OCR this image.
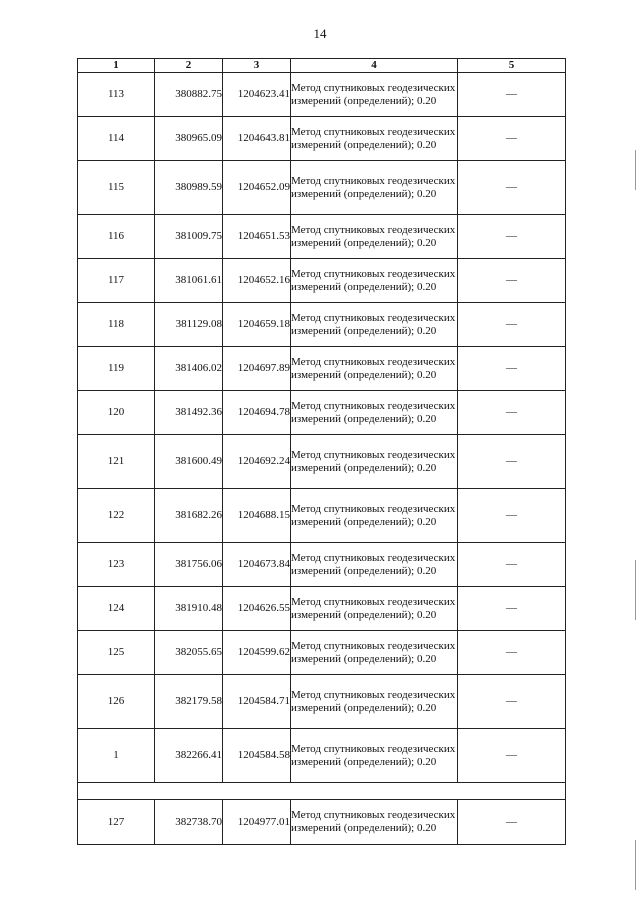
14
1	2	3	4	5
113	380882.75	1204623.41	Метод спутниковых геодезических измерений (определений); 0.20	—
114	380965.09	1204643.81	Метод спутниковых геодезических измерений (определений); 0.20	—
115	380989.59	1204652.09	Метод спутниковых геодезических измерений (определений); 0.20	—
116	381009.75	1204651.53	Метод спутниковых геодезических измерений (определений); 0.20	—
117	381061.61	1204652.16	Метод спутниковых геодезических измерений (определений); 0.20	—
118	381129.08	1204659.18	Метод спутниковых геодезических измерений (определений); 0.20	—
119	381406.02	1204697.89	Метод спутниковых геодезических измерений (определений); 0.20	—
120	381492.36	1204694.78	Метод спутниковых геодезических измерений (определений); 0.20	—
121	381600.49	1204692.24	Метод спутниковых геодезических измерений (определений); 0.20	—
122	381682.26	1204688.15	Метод спутниковых геодезических измерений (определений); 0.20	—
123	381756.06	1204673.84	Метод спутниковых геодезических измерений (определений); 0.20	—
124	381910.48	1204626.55	Метод спутниковых геодезических измерений (определений); 0.20	—
125	382055.65	1204599.62	Метод спутниковых геодезических измерений (определений); 0.20	—
126	382179.58	1204584.71	Метод спутниковых геодезических измерений (определений); 0.20	—
1	382266.41	1204584.58	Метод спутниковых геодезических измерений (определений); 0.20	—

127	382738.70	1204977.01	Метод спутниковых геодезических измерений (определений); 0.20	—
